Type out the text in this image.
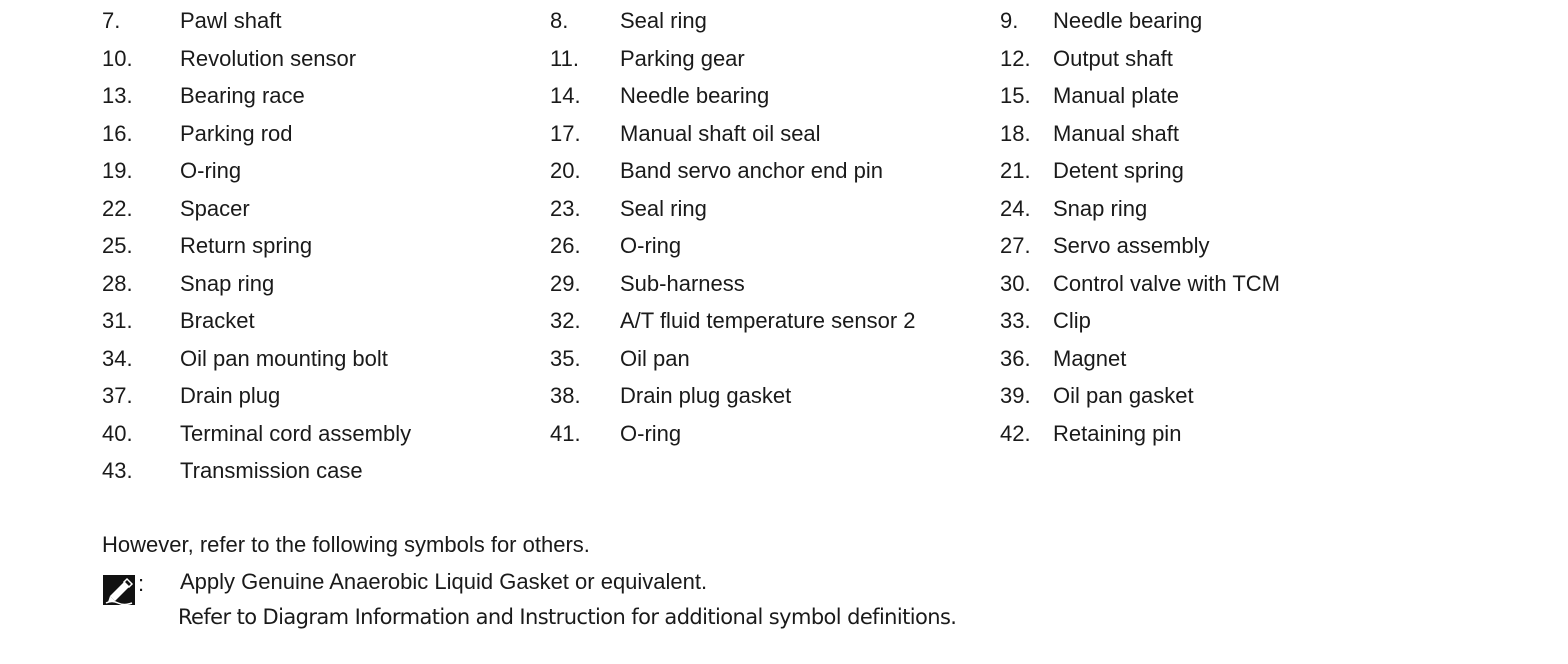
7.	Pawl shaft	8. Seal ring	9. Needle bearing
10. Revolution sensor	11. Parking gear	12. Output shaft
13. Bearing race	14. Needle bearing	15. Manual plate
16. Parking rod	17. Manual shaft oil seal	18. Manual shaft
19. O-ring	20. Band servo anchor end pin	21. Detent spring
22. Spacer	23. Seal ring	24. Snap ring
25. Return spring	26. O-ring	27. Servo assembly
28. Snap ring	29. Sub-harness	30. Control valve with TCM
31. Bracket	32. A/T fluid temperature sensor 2	33. Clip
34. Oil pan mounting bolt	35. Oil pan	36. Magnet
37. Drain plug	38. Drain plug gasket	39. Oil pan gasket
40. Terminal cord assembly	41. O-ring	42. Retaining pin
43. Transmission case
However, refer to the following symbols for others.
: Apply Genuine Anaerobic Liquid Gasket or equivalent.
Refer to Diagram Information and Instruction for additional symbol definitions.
